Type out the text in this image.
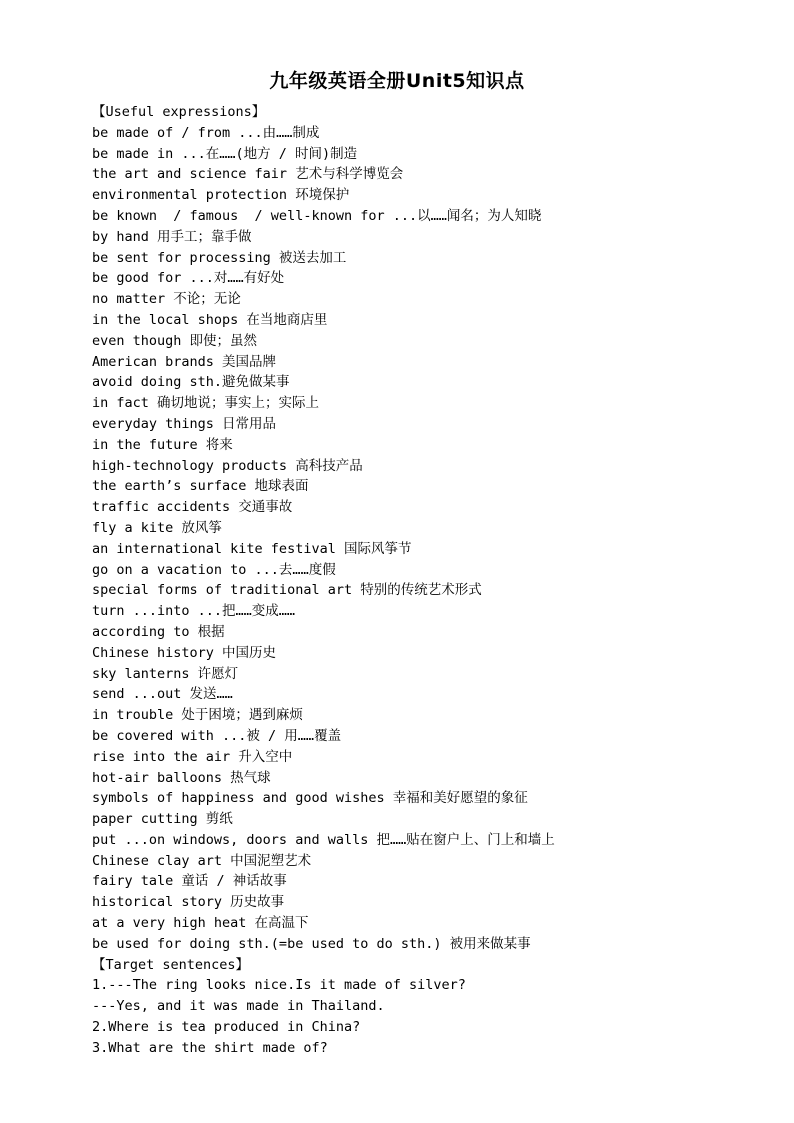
九年级英语全册Unit5知识点
【Useful expressions】
be made of / from ...由……制成
be made in ...在……(地方 / 时间)制造
the art and science fair 艺术与科学博览会
environmental protection 环境保护
be known  / famous  / well-known for ...以……闻名；为人知晓
by hand 用手工；靠手做
be sent for processing 被送去加工
be good for ...对……有好处
no matter 不论；无论
in the local shops 在当地商店里
even though 即使；虽然
American brands 美国品牌
avoid doing sth.避免做某事
in fact 确切地说；事实上；实际上
everyday things 日常用品
in the future 将来
high-technology products 高科技产品
the earth’s surface 地球表面
traffic accidents 交通事故
fly a kite 放风筝
an international kite festival 国际风筝节
go on a vacation to ...去……度假
special forms of traditional art 特别的传统艺术形式
turn ...into ...把……变成……
according to 根据
Chinese history 中国历史
sky lanterns 许愿灯
send ...out 发送……
in trouble 处于困境；遇到麻烦
be covered with ...被 / 用……覆盖
rise into the air 升入空中
hot-air balloons 热气球
symbols of happiness and good wishes 幸福和美好愿望的象征
paper cutting 剪纸
put ...on windows, doors and walls 把……贴在窗户上、门上和墙上
Chinese clay art 中国泥塑艺术
fairy tale 童话 / 神话故事
historical story 历史故事
at a very high heat 在高温下
be used for doing sth.(=be used to do sth.) 被用来做某事
【Target sentences】
1.---The ring looks nice.Is it made of silver?
---Yes, and it was made in Thailand.
2.Where is tea produced in China?
3.What are the shirt made of?
